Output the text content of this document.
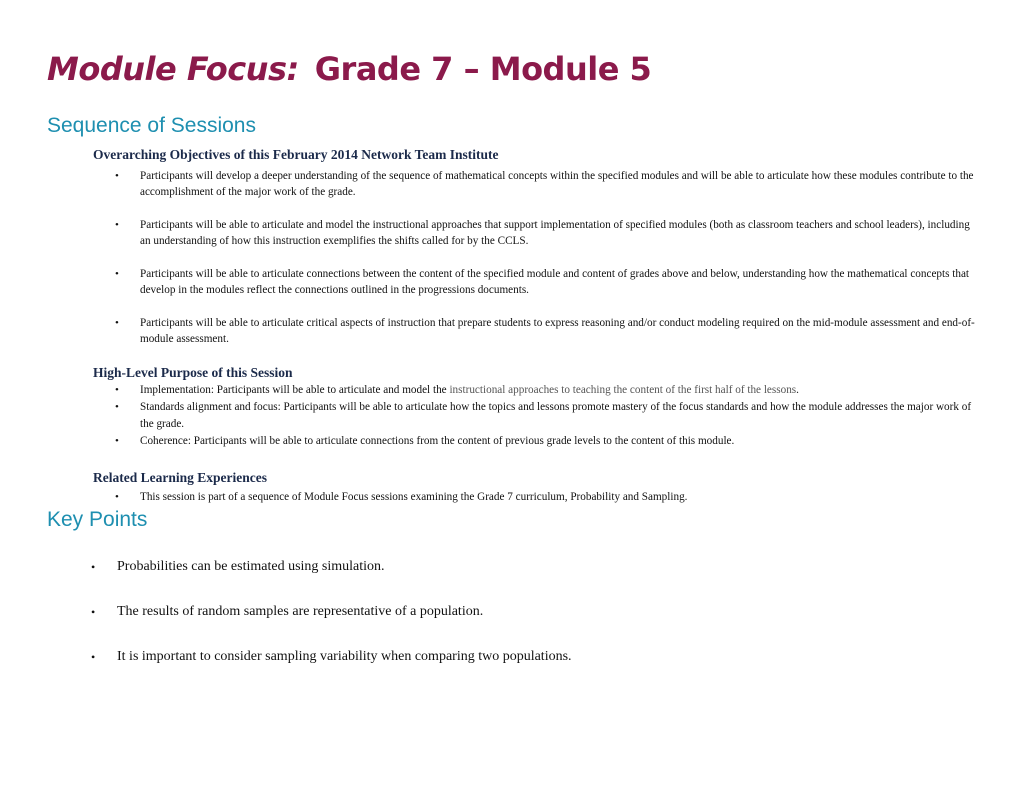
Module Focus: Grade 7 – Module 5
Sequence of Sessions
Overarching Objectives of this February 2014 Network Team Institute
• Participants will develop a deeper understanding of the sequence of mathematical concepts within the specified modules and will be able to articulate how these modules contribute to the accomplishment of the major work of the grade.
• Participants will be able to articulate and model the instructional approaches that support implementation of specified modules (both as classroom teachers and school leaders), including an understanding of how this instruction exemplifies the shifts called for by the CCLS.
• Participants will be able to articulate connections between the content of the specified module and content of grades above and below, understanding how the mathematical concepts that develop in the modules reflect the connections outlined in the progressions documents.
• Participants will be able to articulate critical aspects of instruction that prepare students to express reasoning and/or conduct modeling required on the mid-module assessment and end-of-module assessment.
High-Level Purpose of this Session
• Implementation: Participants will be able to articulate and model the instructional approaches to teaching the content of the first half of the lessons.
• Standards alignment and focus: Participants will be able to articulate how the topics and lessons promote mastery of the focus standards and how the module addresses the major work of the grade.
• Coherence: Participants will be able to articulate connections from the content of previous grade levels to the content of this module.
Related Learning Experiences
• This session is part of a sequence of Module Focus sessions examining the Grade 7 curriculum, Probability and Sampling.
Key Points
• Probabilities can be estimated using simulation.
• The results of random samples are representative of a population.
• It is important to consider sampling variability when comparing two populations.
